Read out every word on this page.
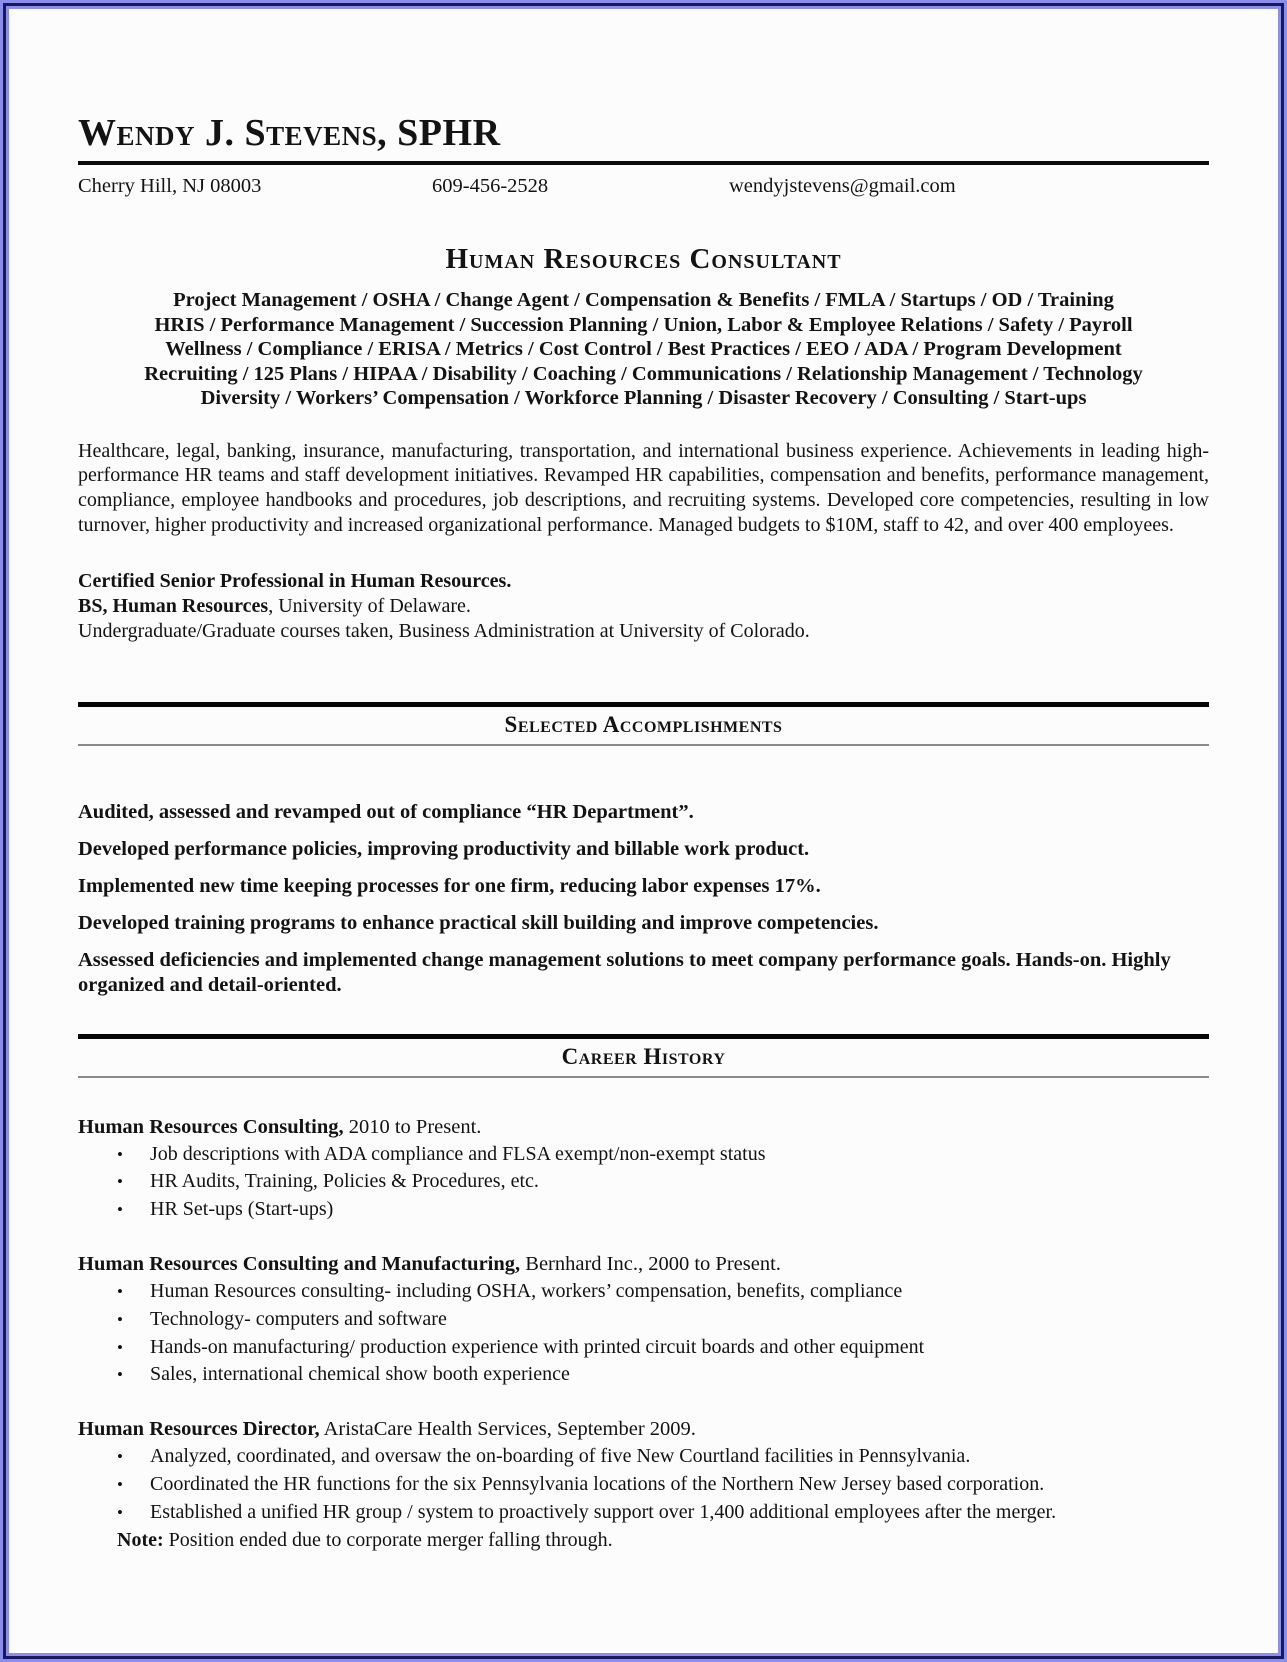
Wendy J. Stevens, SPHR
Cherry Hill, NJ 08003	609-456-2528	wendyjstevens@gmail.com
Human Resources Consultant
Project Management / OSHA / Change Agent / Compensation & Benefits / FMLA / Startups / OD / Training
HRIS / Performance Management / Succession Planning / Union, Labor & Employee Relations / Safety / Payroll
Wellness / Compliance / ERISA / Metrics / Cost Control / Best Practices / EEO / ADA / Program Development
Recruiting / 125 Plans / HIPAA / Disability / Coaching / Communications / Relationship Management / Technology
Diversity / Workers’ Compensation / Workforce Planning / Disaster Recovery / Consulting / Start-ups

Healthcare, legal, banking, insurance, manufacturing, transportation, and international business experience. Achievements in leading high-performance HR teams and staff development initiatives. Revamped HR capabilities, compensation and benefits, performance management, compliance, employee handbooks and procedures, job descriptions, and recruiting systems. Developed core competencies, resulting in low turnover, higher productivity and increased organizational performance. Managed budgets to $10M, staff to 42, and over 400 employees.

Certified Senior Professional in Human Resources.
BS, Human Resources, University of Delaware.
Undergraduate/Graduate courses taken, Business Administration at University of Colorado.
Selected Accomplishments

Audited, assessed and revamped out of compliance “HR Department”.

Developed performance policies, improving productivity and billable work product.

Implemented new time keeping processes for one firm, reducing labor expenses 17%.

Developed training programs to enhance practical skill building and improve competencies.

Assessed deficiencies and implemented change management solutions to meet company performance goals. Hands-on. Highly organized and detail-oriented.

Career History
Human Resources Consulting, 2010 to Present.
•	Job descriptions with ADA compliance and FLSA exempt/non-exempt status
•	HR Audits, Training, Policies & Procedures, etc.
•	HR Set-ups (Start-ups)
Human Resources Consulting and Manufacturing, Bernhard Inc., 2000 to Present.
•	Human Resources consulting- including OSHA, workers’ compensation, benefits, compliance
•	Technology- computers and software
•	Hands-on manufacturing/ production experience with printed circuit boards and other equipment
•	Sales, international chemical show booth experience
Human Resources Director, AristaCare Health Services, September 2009.
•	Analyzed, coordinated, and oversaw the on-boarding of five New Courtland facilities in Pennsylvania.
•	Coordinated the HR functions for the six Pennsylvania locations of the Northern New Jersey based corporation.
•	Established a unified HR group / system to proactively support over 1,400 additional employees after the merger.
Note: Position ended due to corporate merger falling through.
